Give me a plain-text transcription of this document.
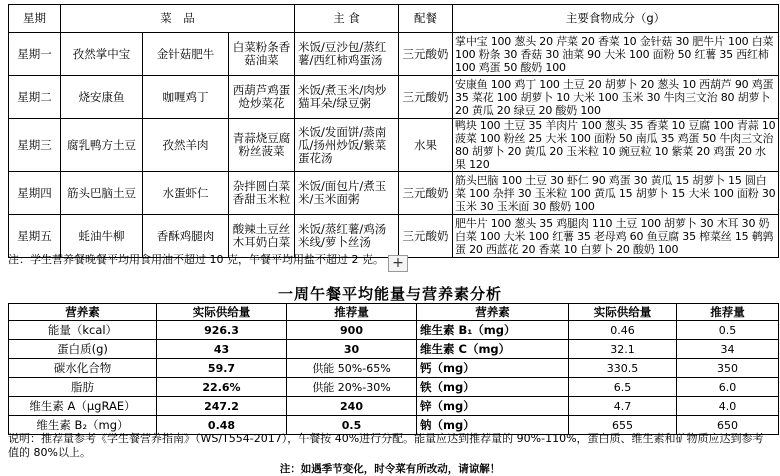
星期	菜　品			主 食	配餐	主要食物成分（g）
星期一	孜然掌中宝	金针菇肥牛	白菜粉条香菇油菜	米饭/豆沙包/蒸红薯/西红柿鸡蛋汤	三元酸奶	掌中宝 100 葱头 20 芹菜 20 香菜 10 金针菇 30 肥牛片 100 白菜 100 粉条 30 香菇 30 油菜 90 大米 100 面粉 50 红薯 35 西红柿 100 鸡蛋 50 酸奶 100
星期二	烧安康鱼	咖喱鸡丁	西葫芦鸡蛋炝炒菜花	米饭/煮玉米/肉炒猫耳朵/绿豆粥	三元酸奶	安康鱼 100 鸡丁 100 土豆 20 胡萝卜 20 葱头 10 西葫芦 90 鸡蛋 35 菜花 100 胡萝卜 10 大米 100 玉米 30 牛肉三文治 80 胡萝卜 20 黄瓜 20 绿豆 20 酸奶 100
星期三	腐乳鸭方土豆	孜然羊肉	青蒜烧豆腐粉丝菠菜	米饭/发面饼/蒸南瓜/扬州炒饭/紫菜蛋花汤	水果	鸭块 100 土豆 35 羊肉片 100 葱头 35 香菜 10 豆腐 100 青蒜 10 菠菜 100 粉丝 25 大米 100 面粉 50 南瓜 35 鸡蛋 50 牛肉三文治 80 胡萝卜 20 黄瓜 20 玉米粒 10 豌豆粒 10 紫菜 20 鸡蛋 20 水果 120
星期四	筋头巴脑土豆	水蛋虾仁	杂拌圆白菜香甜玉米粒	米饭/面包片/煮玉米/玉米面粥	三元酸奶	筋头巴脑 100 土豆 30 虾仁 90 鸡蛋 30 黄瓜 15 胡萝卜 15 圆白菜 100 杂拌 30 玉米粒 100 黄瓜 15 胡萝卜 15 大米 100 面粉 30 玉米 30 玉米面 30 酸奶 100
星期五	蚝油牛柳	香酥鸡腿肉	酸辣土豆丝木耳奶白菜	米饭/蒸红薯/鸡汤米线/萝卜丝汤	三元酸奶	肥牛片 100 葱头 35 鸡腿肉 110 土豆 100 胡萝卜 30 木耳 30 奶白菜 100 大米 100 红薯 35 老母鸡 60 鱼豆腐 35 榨菜丝 15 鹌鹑蛋 20 西蓝花 20 香菜 10 白萝卜 20 酸奶 100
注：学生营养餐晚餐平均用食用油不超过 10 克，午餐平均用盐不超过 2 克。 +
一周午餐平均能量与营养素分析
营养素	实际供给量	推荐量	营养素	实际供给量	推荐量
能量（kcal）	926.3	900	维生素 B₁（mg）	0.46	0.5
蛋白质(g)	43	30	维生素 C（mg）	32.1	34
碳水化合物	59.7	供能 50%-65%	钙（mg）	330.5	350
脂肪	22.6%	供能 20%-30%	铁（mg）	6.5	6.0
维生素 A（μgRAE）	247.2	240	锌（mg）	4.7	4.0
维生素 B₂（mg）	0.48	0.5	钠（mg）	655	650
说明：推荐量参考《学生餐营养指南》（WS/T554-2017），午餐按 40%进行分配。能量应达到推荐量的 90%-110%，蛋白质、维生素和矿物质应达到参考值的 80%以上。
注：如遇季节变化，时令菜有所改动，请谅解！
